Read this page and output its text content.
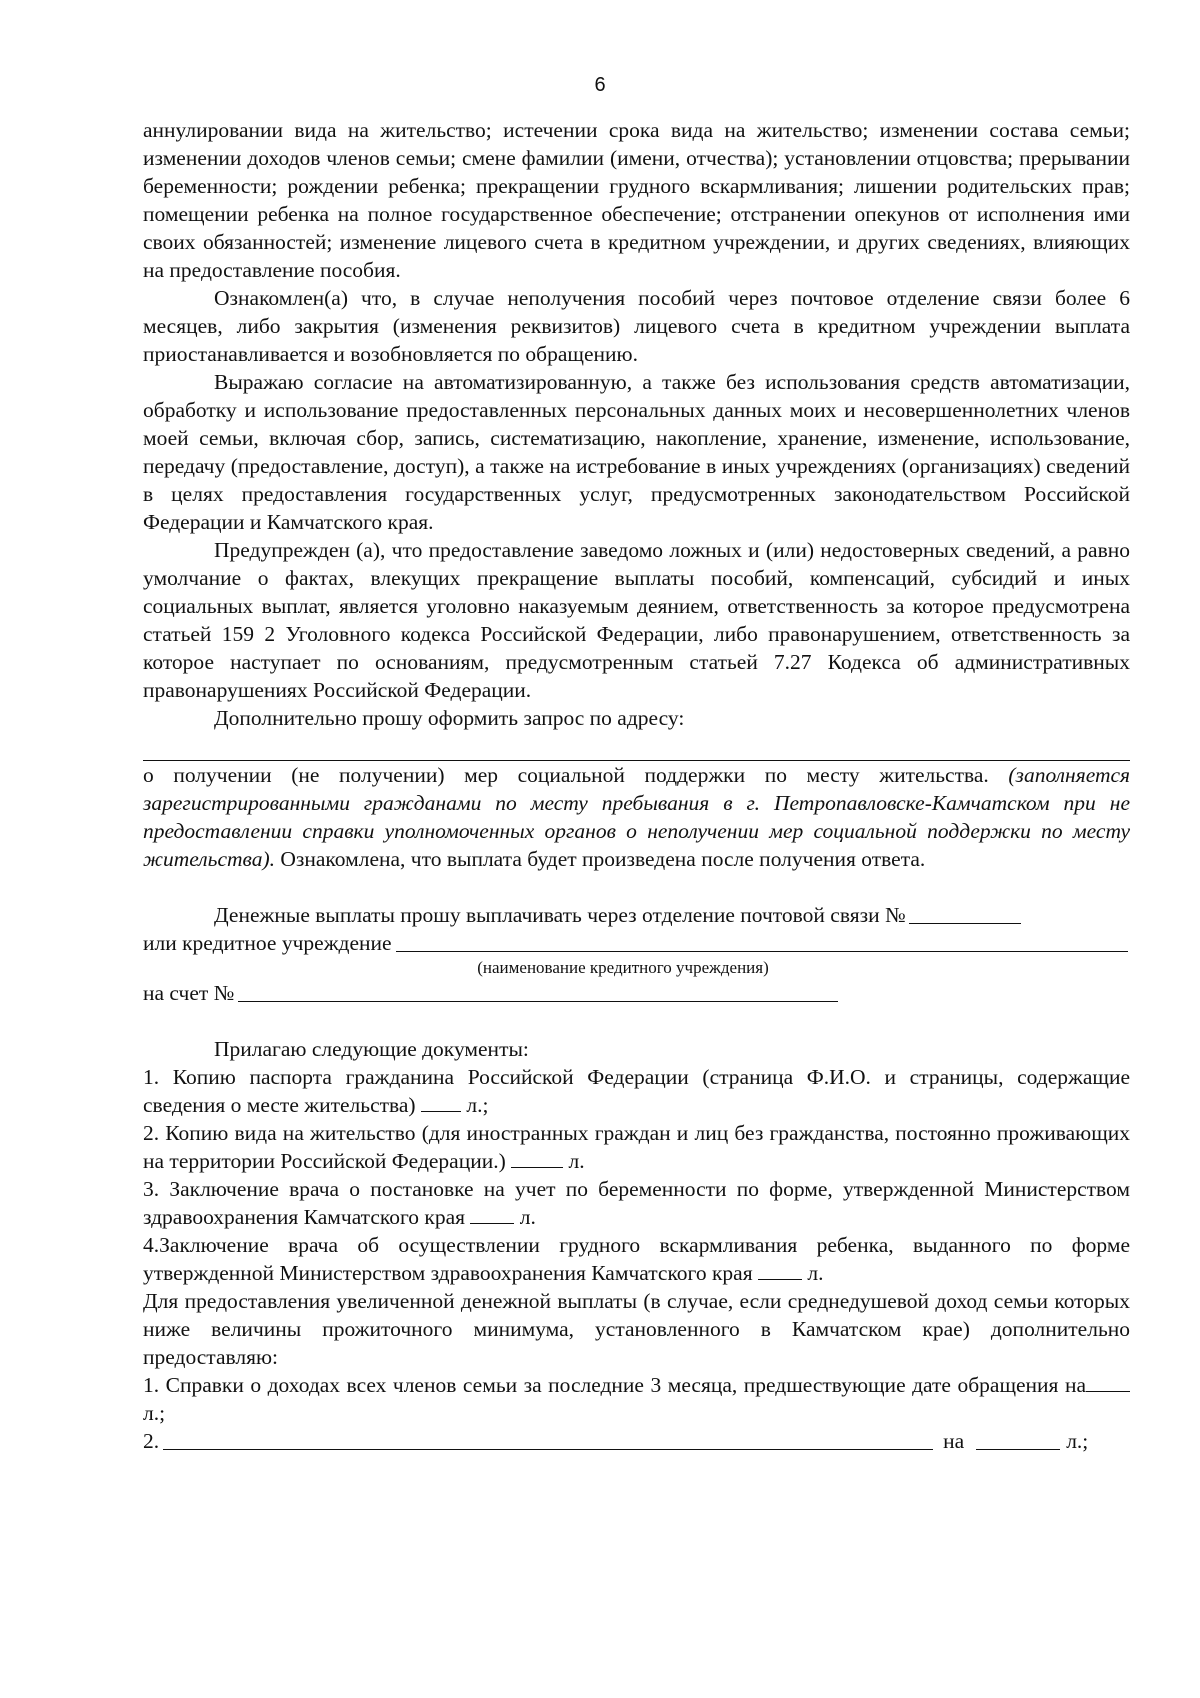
6

аннулировании вида на жительство; истечении срока вида на жительство; изменении состава семьи; изменении доходов членов семьи; смене фамилии (имени, отчества); установлении отцовства; прерывании беременности; рождении ребенка; прекращении грудного вскармливания; лишении родительских прав; помещении ребенка на полное государственное обеспечение; отстранении опекунов от исполнения ими своих обязанностей; изменение лицевого счета в кредитном учреждении, и других сведениях, влияющих на предоставление пособия.

Ознакомлен(а) что, в случае неполучения пособий через почтовое отделение связи более 6 месяцев, либо закрытия (изменения реквизитов) лицевого счета в кредитном учреждении выплата приостанавливается и возобновляется по обращению.

Выражаю согласие на автоматизированную, а также без использования средств автоматизации, обработку и использование предоставленных персональных данных моих и несовершеннолетних членов моей семьи, включая сбор, запись, систематизацию, накопление, хранение, изменение, использование, передачу (предоставление, доступ), а также на истребование в иных учреждениях (организациях) сведений в целях предоставления государственных услуг, предусмотренных законодательством Российской Федерации и Камчатского края.

Предупрежден (а), что предоставление заведомо ложных и (или) недостоверных сведений, а равно умолчание о фактах, влекущих прекращение выплаты пособий, компенсаций, субсидий и иных социальных выплат, является уголовно наказуемым деянием, ответственность за которое предусмотрена статьей 159 2 Уголовного кодекса Российской Федерации, либо правонарушением, ответственность за которое наступает по основаниям, предусмотренным статьей 7.27 Кодекса об административных правонарушениях Российской Федерации.

Дополнительно прошу оформить запрос по адресу:

о получении (не получении) мер социальной поддержки по месту жительства. (заполняется зарегистрированными гражданами по месту пребывания в г. Петропавловске-Камчатском при не предоставлении справки уполномоченных органов о неполучении мер социальной поддержки по месту жительства). Ознакомлена, что выплата будет произведена после получения ответа.

Денежные выплаты прошу выплачивать через отделение почтовой связи №
или кредитное учреждение
(наименование кредитного учреждения)
на счет №

Прилагаю следующие документы:

1. Копию паспорта гражданина Российской Федерации (страница Ф.И.О. и страницы, содержащие сведения о месте жительства) л.;

2. Копию вида на жительство (для иностранных граждан и лиц без гражданства, постоянно проживающих на территории Российской Федерации.)	л.

3. Заключение врача о постановке на учет по беременности по форме, утвержденной Министерством здравоохранения Камчатского края	л.

4.Заключение врача об осуществлении грудного вскармливания ребенка, выданного по форме утвержденной Министерством здравоохранения Камчатского края	л.

Для предоставления увеличенной денежной выплаты (в случае, если среднедушевой доход семьи которых ниже величины прожиточного минимума, установленного в Камчатском крае) дополнительно предоставляю:

1. Справки о доходах всех членов семьи за последние 3 месяца, предшествующие дате обращения на л.;

2.	на	л.;
